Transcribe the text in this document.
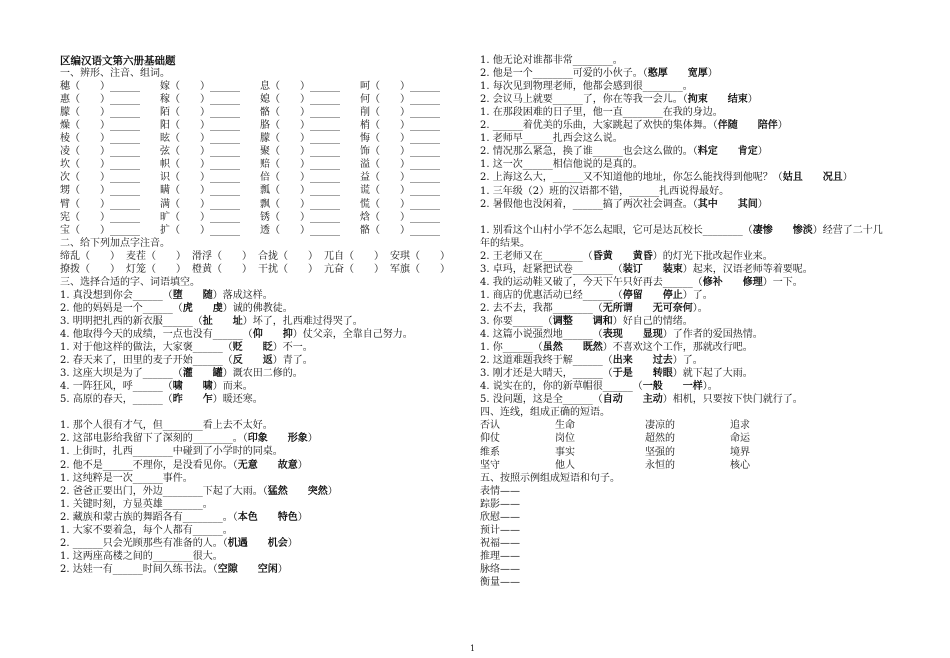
区编汉语文第六册基础题
一、辨形、注音、组词。
穗（　　）______ 嫁（　　）______ 息（　　）______ 呵（　　）______
惠（　　）______ 稼（　　）______ 媳（　　）______ 何（　　）______
朦（　　）______ 陌（　　）______ 骼（　　）______ 削（　　）______
燥（　　）______ 阳（　　）______ 胳（　　）______ 梢（　　）______
棱（　　）______ 眩（　　）______ 朦（　　）______ 悔（　　）______
凌（　　）______ 弦（　　）______ 聚（　　）______ 饰（　　）______
坎（　　）______ 帜（　　）______ 赔（　　）______ 溢（　　）______
次（　　）______ 识（　　）______ 倍（　　）______ 益（　　）______
甥（　　）______ 瞒（　　）______ 瓢（　　）______ 谎（　　）______
臂（　　）______ 满（　　）______ 飘（　　）______ 慌（　　）______
宪（　　）______ 旷（　　）______ 锈（　　）______ 焓（　　）______
宝（　　）______ 扩（　　）______ 透（　　）______ 骼（　　）______
二、给下列加点字注音。
缔乱（　　） 麦茬（　　） 滑浮（　　） 合拢（　　） 兀自（　　） 安琪（　　）
撩拨（　　） 灯笼（　　） 橙黄（　　） 干扰（　　） 亢奋（　　） 军旗（　　）
三、选择合适的字、词语填空。
1. 真没想到你会______（堕　　随）落成这样。
2. 他的妈妈是一个______（虎　　虔）诚的佛教徒。
3. 明明把扎西的新衣服______（扯　　址）坏了，扎西难过得哭了。
4. 他取得今天的成绩，一点也没有______（仰　　抑）仗父亲，全靠自己努力。
1. 对于他这样的做法，大家褒______（贬　　眨）不一。
2. 春天来了，田里的麦子开始______（反　　返）青了。
3. 这座大坝是为了______（灌　　罐）溉农田二修的。
4. 一阵狂风，呼______（啸　　啸）而来。
5. 高原的春天，______（昨　　乍）暖还寒。
1. 那个人很有才气，但________看上去不太好。
2. 这部电影给我留下了深刻的________。（印象　　形象）
1. 上街时，扎西________中碰到了小学时的同桌。
2. 他不是______不理你，是没看见你。（无意　　故意）
1. 这纯粹是一次______事件。
2. 爸爸正要出门，外边________下起了大雨。（猛然　　突然）
1. 关键时刻，方显英雄________。
2. 藏族和蒙古族的舞蹈各有________。（本色　　特色）
1. 大家不要着急，每个人都有______。
2. ______只会光顾那些有准备的人。（机遇　　机会）
1. 这两座高楼之间的________很大。
2. 达娃一有______时间久练书法。（空隙　　空闲）
1. 他无论对谁都非常________。
2. 他是一个________可爱的小伙子。（憨厚　　宽厚）
1. 每次见到物理老师，他都会感到很________。
2. 会议马上就要______了，你在等我一会儿。（拘束　　结束）
1. 在那段困难的日子里，他一直________在我的身边。
2. ______着优美的乐曲，大家跳起了欢快的集体舞。（伴随　　陪伴）
1. 老师早______扎西会这么说。
2. 情况那么紧急，换了谁______也会这么做的。（料定　　肯定）
1. 这一次______相信他说的是真的。
2. 上海这么大，______又不知道他的地址，你怎么能找得到他呢？（姑且　　况且）
1. 三年级（2）班的汉语都不错，______扎西说得最好。
2. 暑假他也没闲着，______搞了两次社会调查。（其中　　其间）
1. 别看这个山村小学不怎么起眼，它可是达瓦校长________（凄惨　　惨淡）经营了二十几
年的结果。
2. 王老师又在________（昏黄　　黄昏）的灯光下批改起作业来。
3. 卓玛，赶紧把试卷________（装订　　装束）起来，汉语老师等着要呢。
4. 我的运动鞋又破了，今天下午只好再去______（修补　　修理）一下。
1. 商店的优惠活动已经______（停留　　停止）了。
2. 去不去，我都________（无所谓　　无可奈何）。
3. 你要______（调整　　调和）好自己的情绪。
4. 这篇小说强烈地______（表现　　显现）了作者的爱国热情。
1. 你______（虽然　　既然）不喜欢这个工作，那就改行吧。
2. 这道难题我终于解______（出来　　过去）了。
3. 刚才还是大晴天，______（于是　　转眼）就下起了大雨。
4. 说实在的，你的新草帽很______（一般　　一样）。
5. 没问题，这是全______（自动　　主动）相机，只要按下快门就行了。
四、连线，组成正确的短语。
否认	生命	凄凉的	追求
仰仗	岗位	超然的	命运
维系	事实	坚强的	境界
坚守	他人	永恒的	核心
五、按照示例组成短语和句子。
表情——
踪影——
欣慰——
预计——
祝福——
推理——
脉络——
衡量——
1
